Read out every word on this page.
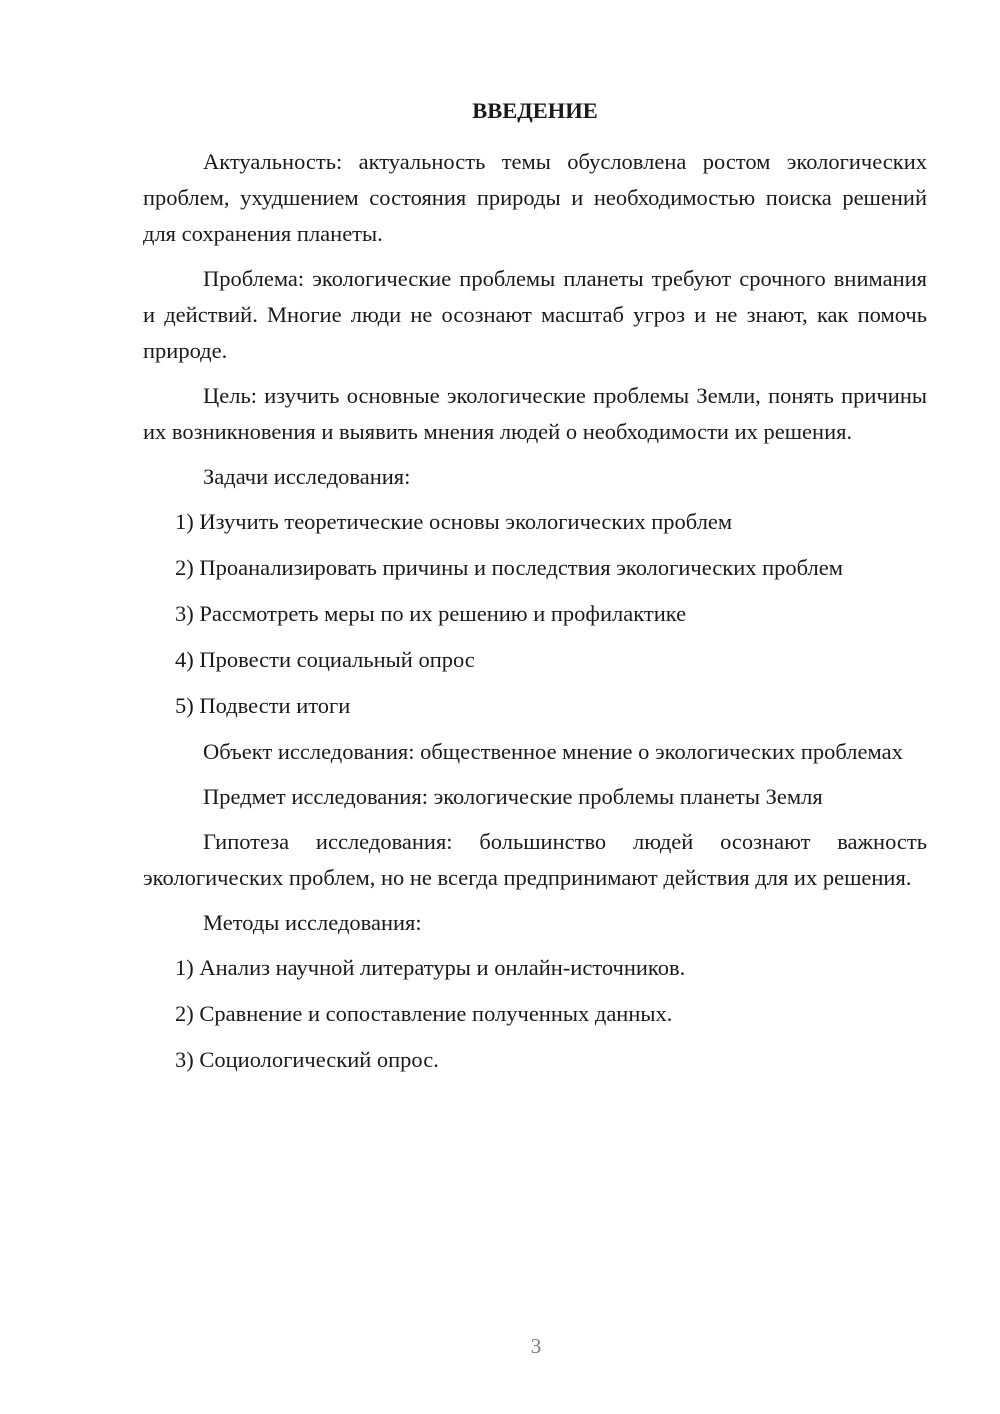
ВВЕДЕНИЕ
Актуальность: актуальность темы обусловлена ростом экологических проблем, ухудшением состояния природы и необходимостью поиска решений для сохранения планеты.
Проблема: экологические проблемы планеты требуют срочного внимания и действий. Многие люди не осознают масштаб угроз и не знают, как помочь природе.
Цель: изучить основные экологические проблемы Земли, понять причины их возникновения и выявить мнения людей о необходимости их решения.
Задачи исследования:
1) Изучить теоретические основы экологических проблем
2) Проанализировать причины и последствия экологических проблем
3) Рассмотреть меры по их решению и профилактике
4) Провести социальный опрос
5) Подвести итоги
Объект исследования: общественное мнение о экологических проблемах
Предмет исследования: экологические проблемы планеты Земля
Гипотеза исследования: большинство людей осознают важность экологических проблем, но не всегда предпринимают действия для их решения.
Методы исследования:
1) Анализ научной литературы и онлайн-источников.
2) Сравнение и сопоставление полученных данных.
3) Социологический опрос.
3
